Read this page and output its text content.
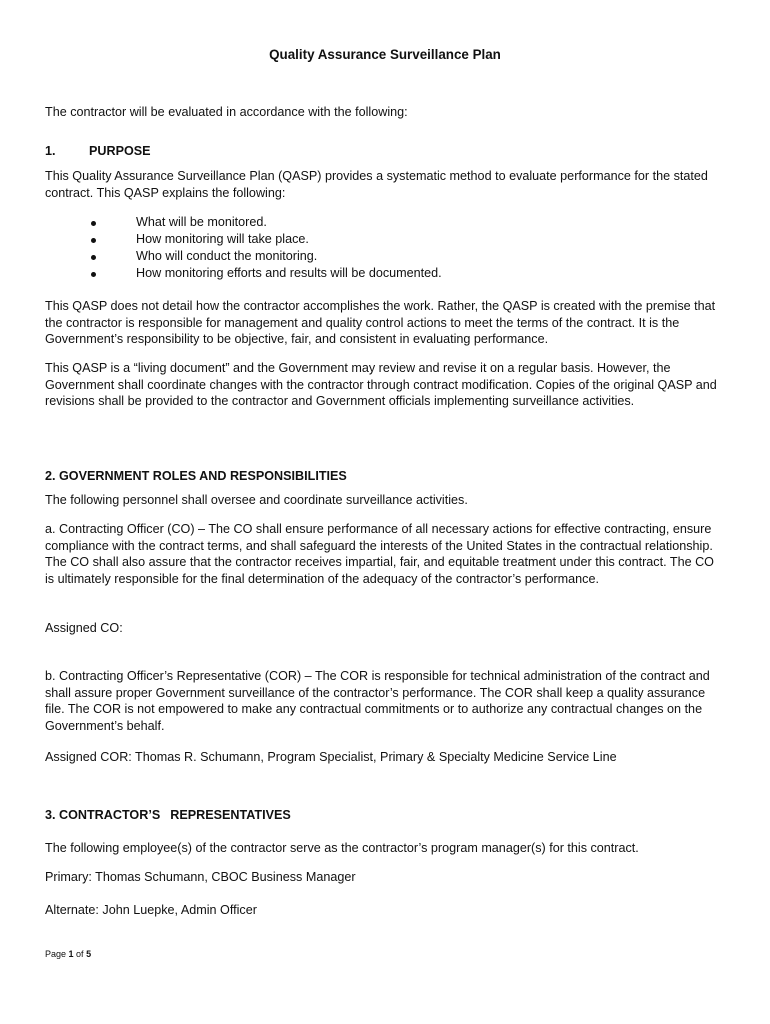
Quality Assurance Surveillance Plan

The contractor will be evaluated in accordance with the following:

1.	PURPOSE

This Quality Assurance Surveillance Plan (QASP) provides a systematic method to evaluate performance for the stated contract. This QASP explains the following:

What will be monitored.
How monitoring will take place.
Who will conduct the monitoring.
How monitoring efforts and results will be documented.

This QASP does not detail how the contractor accomplishes the work. Rather, the QASP is created with the premise that the contractor is responsible for management and quality control actions to meet the terms of the contract. It is the Government’s responsibility to be objective, fair, and consistent in evaluating performance.

This QASP is a “living document” and the Government may review and revise it on a regular basis. However, the Government shall coordinate changes with the contractor through contract modification. Copies of the original QASP and revisions shall be provided to the contractor and Government officials implementing surveillance activities.

2. GOVERNMENT ROLES AND RESPONSIBILITIES

The following personnel shall oversee and coordinate surveillance activities.

a. Contracting Officer (CO) – The CO shall ensure performance of all necessary actions for effective contracting, ensure compliance with the contract terms, and shall safeguard the interests of the United States in the contractual relationship. The CO shall also assure that the contractor receives impartial, fair, and equitable treatment under this contract. The CO is ultimately responsible for the final determination of the adequacy of the contractor’s performance.

Assigned CO:

b. Contracting Officer’s Representative (COR) – The COR is responsible for technical administration of the contract and shall assure proper Government surveillance of the contractor’s performance. The COR shall keep a quality assurance file. The COR is not empowered to make any contractual commitments or to authorize any contractual changes on the Government’s behalf.

Assigned COR: Thomas R. Schumann, Program Specialist, Primary & Specialty Medicine Service Line

3. CONTRACTOR’S REPRESENTATIVES

The following employee(s) of the contractor serve as the contractor’s program manager(s) for this contract.

Primary: Thomas Schumann, CBOC Business Manager

Alternate: John Luepke, Admin Officer

Page 1 of 5
